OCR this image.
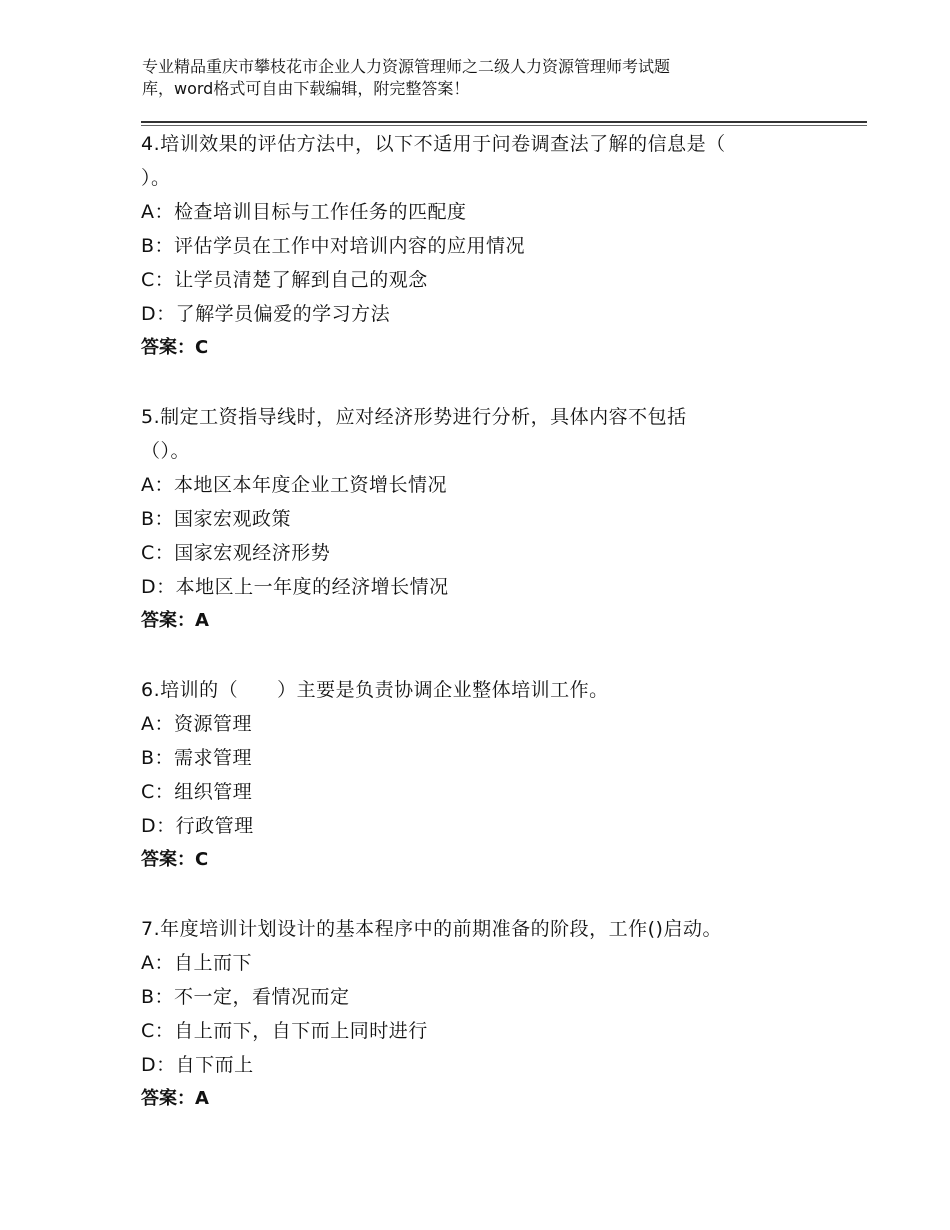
专业精品重庆市攀枝花市企业人力资源管理师之二级人力资源管理师考试题
库，word格式可自由下载编辑，附完整答案！

4.培训效果的评估方法中，以下不适用于问卷调查法了解的信息是（

）。

A：检查培训目标与工作任务的匹配度

B：评估学员在工作中对培训内容的应用情况

C：让学员清楚了解到自己的观念

D：了解学员偏爱的学习方法

答案：C

5.制定工资指导线时，应对经济形势进行分析，具体内容不包括

（）。

A：本地区本年度企业工资增长情况

B：国家宏观政策

C：国家宏观经济形势

D：本地区上一年度的经济增长情况

答案：A

6.培训的（　　）主要是负责协调企业整体培训工作。

A：资源管理

B：需求管理

C：组织管理

D：行政管理

答案：C

7.年度培训计划设计的基本程序中的前期准备的阶段，工作()启动。

A：自上而下

B：不一定，看情况而定

C：自上而下，自下而上同时进行

D：自下而上

答案：A
